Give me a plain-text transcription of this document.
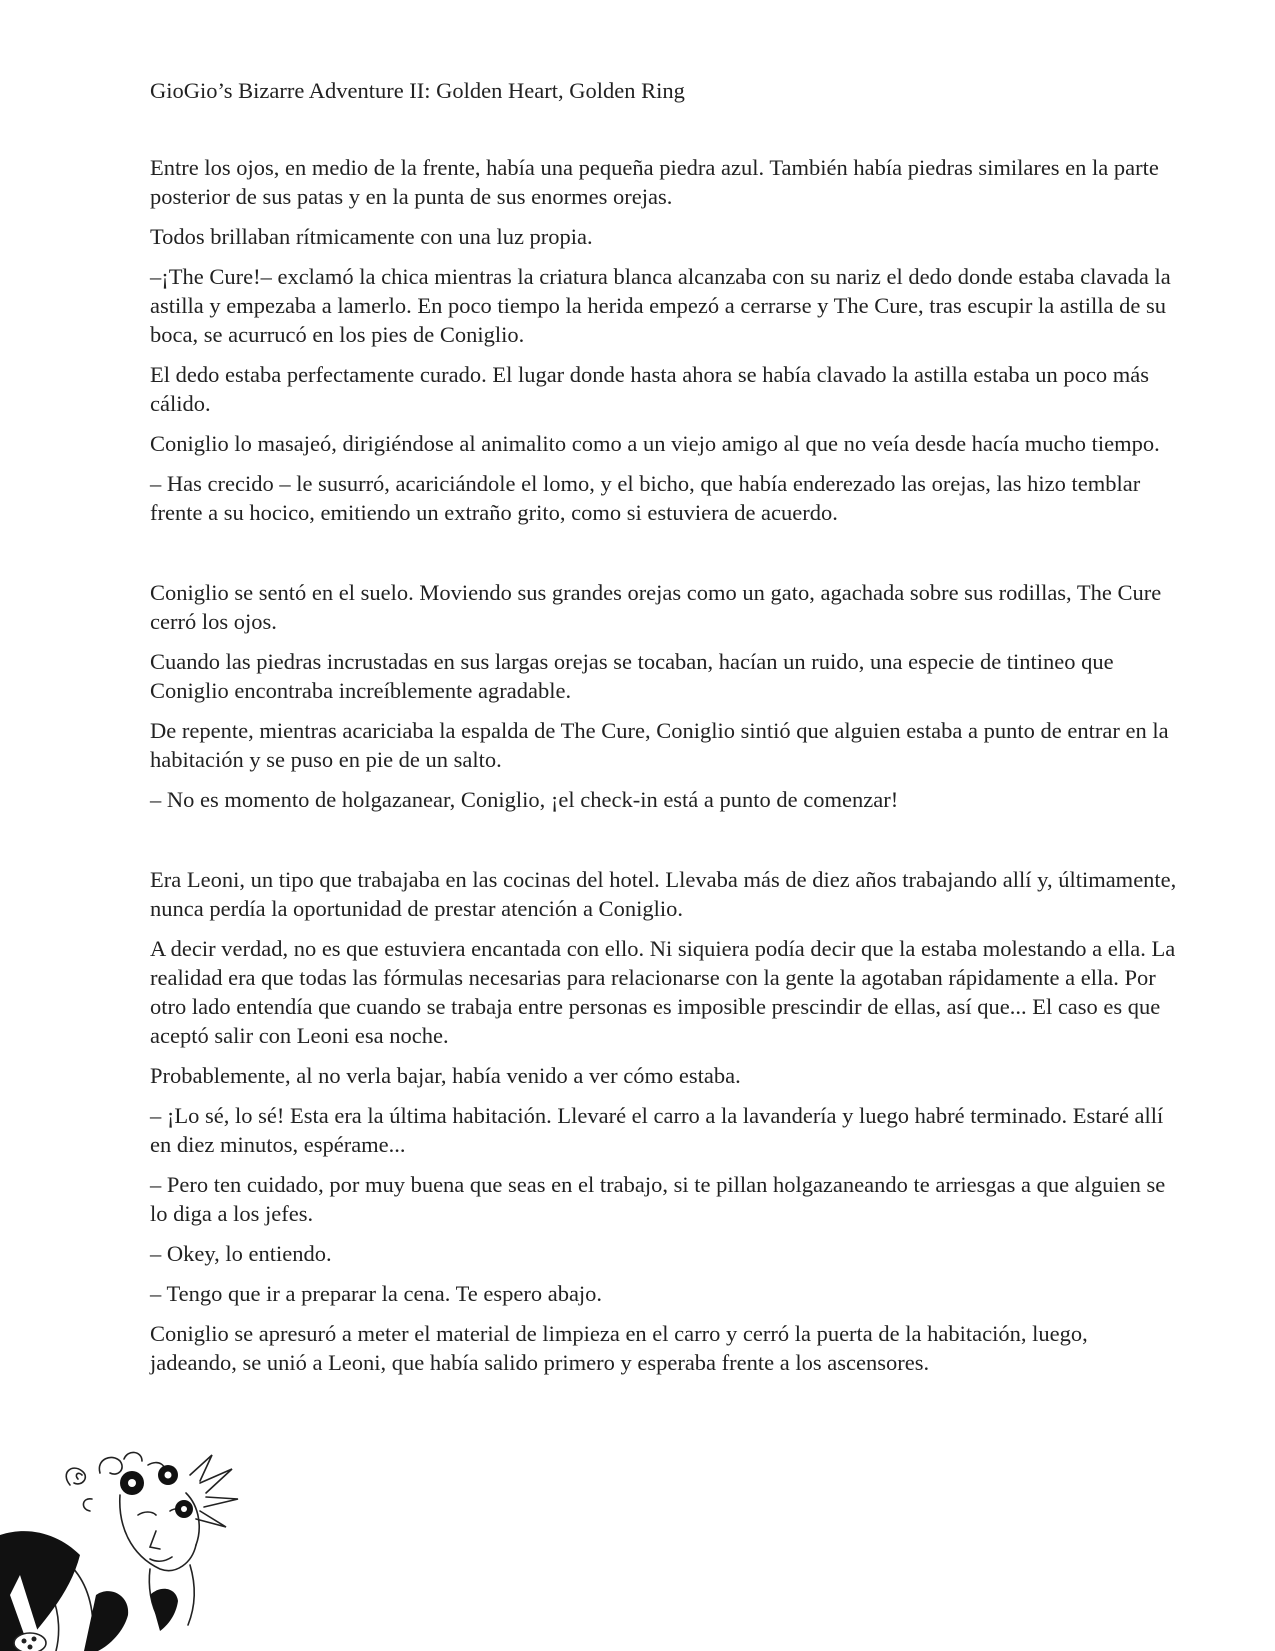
GioGio’s Bizarre Adventure II: Golden Heart, Golden Ring

Entre los ojos, en medio de la frente, había una pequeña piedra azul. También había piedras similares en la parte posterior de sus patas y en la punta de sus enormes orejas.

Todos brillaban rítmicamente con una luz propia.

–¡The Cure!– exclamó la chica mientras la criatura blanca alcanzaba con su nariz el dedo donde estaba clavada la astilla y empezaba a lamerlo. En poco tiempo la herida empezó a cerrarse y The Cure, tras escupir la astilla de su boca, se acurrucó en los pies de Coniglio.

El dedo estaba perfectamente curado. El lugar donde hasta ahora se había clavado la astilla estaba un poco más cálido.

Coniglio lo masajeó, dirigiéndose al animalito como a un viejo amigo al que no veía desde hacía mucho tiempo.

– Has crecido – le susurró, acariciándole el lomo, y el bicho, que había enderezado las orejas, las hizo temblar frente a su hocico, emitiendo un extraño grito, como si estuviera de acuerdo.

Coniglio se sentó en el suelo. Moviendo sus grandes orejas como un gato, agachada sobre sus rodillas, The Cure cerró los ojos.

Cuando las piedras incrustadas en sus largas orejas se tocaban, hacían un ruido, una especie de tintineo que Coniglio encontraba increíblemente agradable.

De repente, mientras acariciaba la espalda de The Cure, Coniglio sintió que alguien estaba a punto de entrar en la habitación y se puso en pie de un salto.

– No es momento de holgazanear, Coniglio, ¡el check-in está a punto de comenzar!

Era Leoni, un tipo que trabajaba en las cocinas del hotel. Llevaba más de diez años trabajando allí y, últimamente, nunca perdía la oportunidad de prestar atención a Coniglio.

A decir verdad, no es que estuviera encantada con ello. Ni siquiera podía decir que la estaba molestando a ella. La realidad era que todas las fórmulas necesarias para relacionarse con la gente la agotaban rápidamente a ella. Por otro lado entendía que cuando se trabaja entre personas es imposible prescindir de ellas, así que... El caso es que aceptó salir con Leoni esa noche.

Probablemente, al no verla bajar, había venido a ver cómo estaba.

– ¡Lo sé, lo sé! Esta era la última habitación. Llevaré el carro a la lavandería y luego habré terminado. Estaré allí en diez minutos, espérame...

– Pero ten cuidado, por muy buena que seas en el trabajo, si te pillan holgazaneando te arriesgas a que alguien se lo diga a los jefes.

– Okey, lo entiendo.

– Tengo que ir a preparar la cena. Te espero abajo.

Coniglio se apresuró a meter el material de limpieza en el carro y cerró la puerta de la habitación, luego, jadeando, se unió a Leoni, que había salido primero y esperaba frente a los ascensores.
